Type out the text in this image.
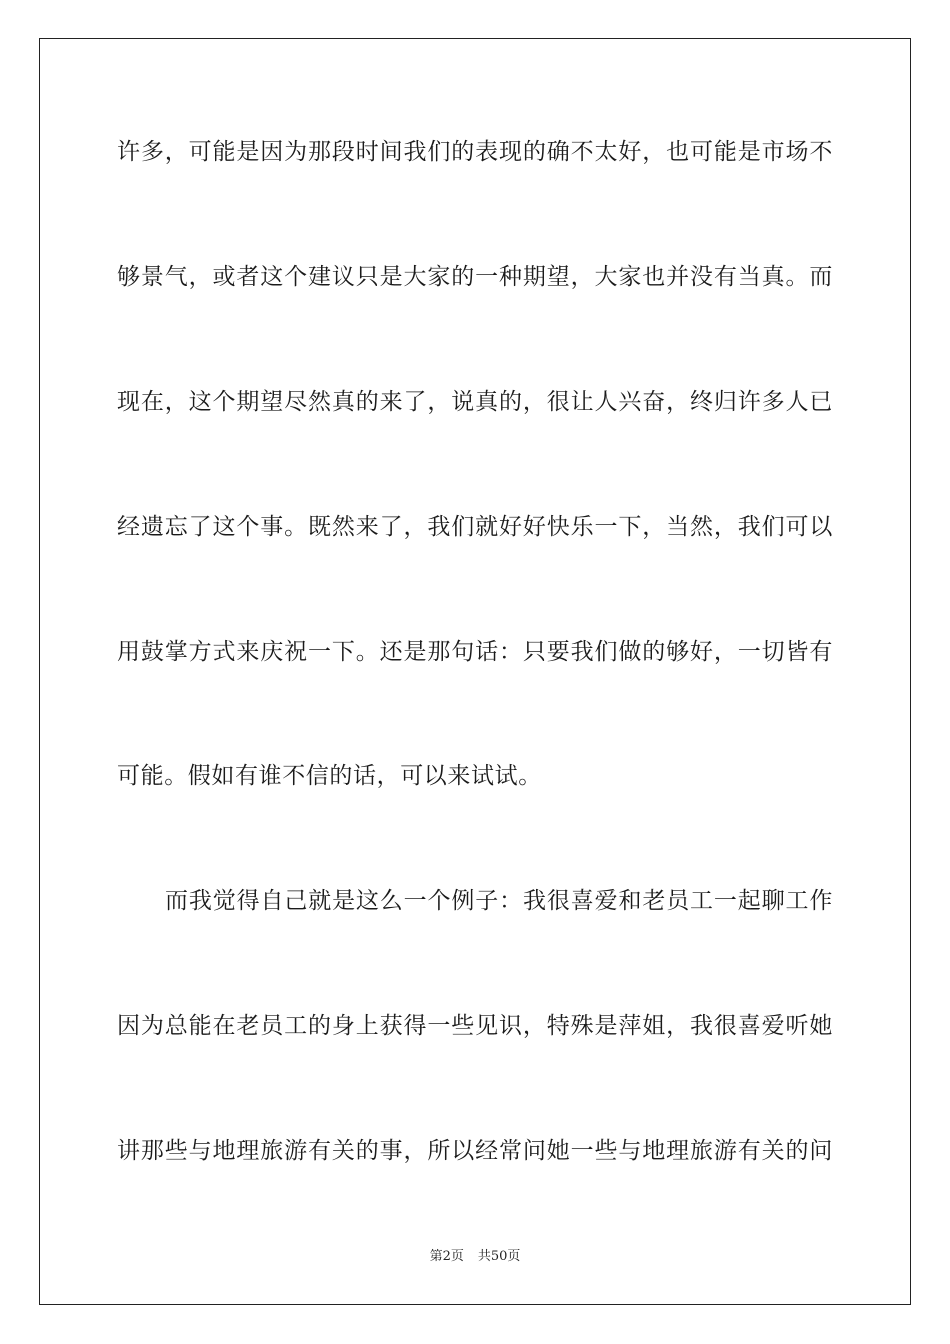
许多，可能是因为那段时间我们的表现的确不太好，也可能是市场不
够景气，或者这个建议只是大家的一种期望，大家也并没有当真。而
现在，这个期望尽然真的来了，说真的，很让人兴奋，终归许多人已
经遗忘了这个事。既然来了，我们就好好快乐一下，当然，我们可以
用鼓掌方式来庆祝一下。还是那句话：只要我们做的够好，一切皆有
可能。假如有谁不信的话，可以来试试。
而我觉得自己就是这么一个例子：我很喜爱和老员工一起聊工作
因为总能在老员工的身上获得一些见识，特殊是萍姐，我很喜爱听她
讲那些与地理旅游有关的事，所以经常问她一些与地理旅游有关的问
第2页 共50页
